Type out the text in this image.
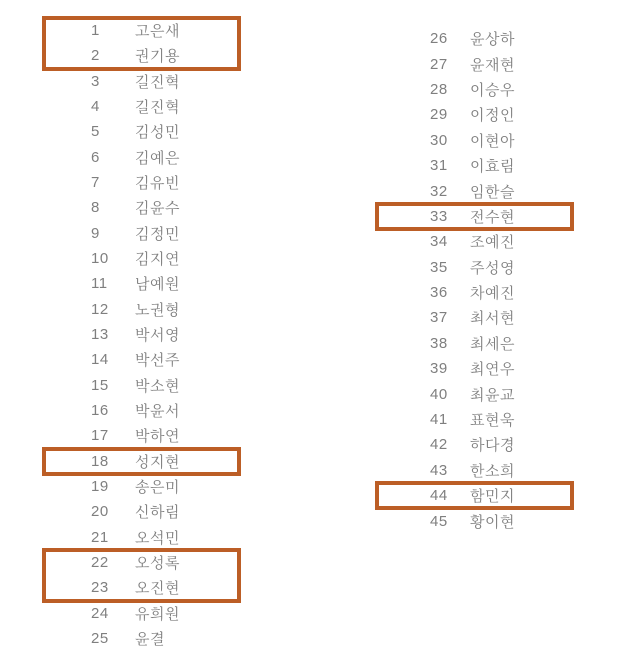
1	고은새
2	권기용
3	길진혁
4	길진혁
5	김성민
6	김예은
7	김유빈
8	김윤수
9	김정민
10	김지연
11	남예원
12	노권형
13	박서영
14	박선주
15	박소현
16	박윤서
17	박하연
18	성지현
19	송은미
20	신하림
21	오석민
22	오성록
23	오진현
24	유희원
25	윤결
26	윤상하
27	윤재현
28	이승우
29	이정인
30	이현아
31	이효림
32	임한슬
33	전수현
34	조예진
35	주성영
36	차예진
37	최서현
38	최세은
39	최연우
40	최윤교
41	표현욱
42	하다경
43	한소희
44	함민지
45	황이현
